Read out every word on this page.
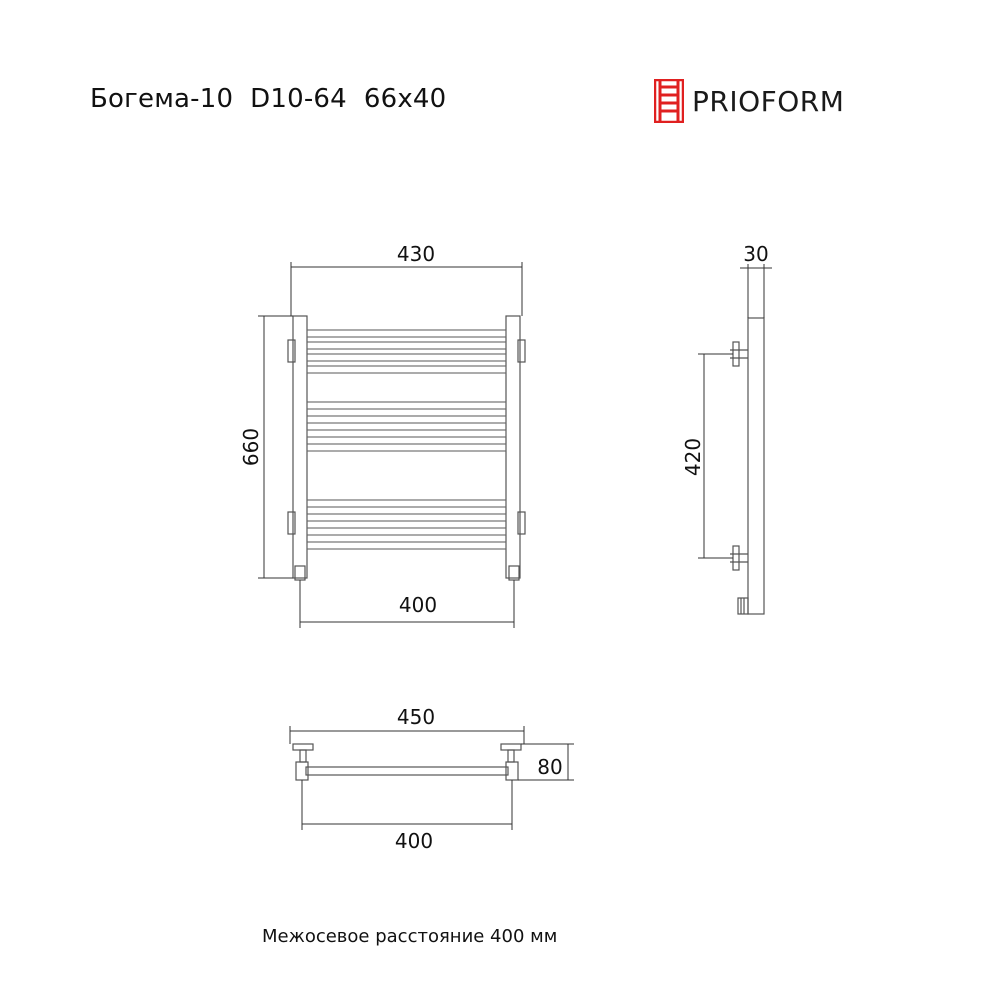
Богема-10  D10-64  66x40	PRIOFORM
430
660
400
30
420
450
80
400
Межосевое расстояние 400 мм
